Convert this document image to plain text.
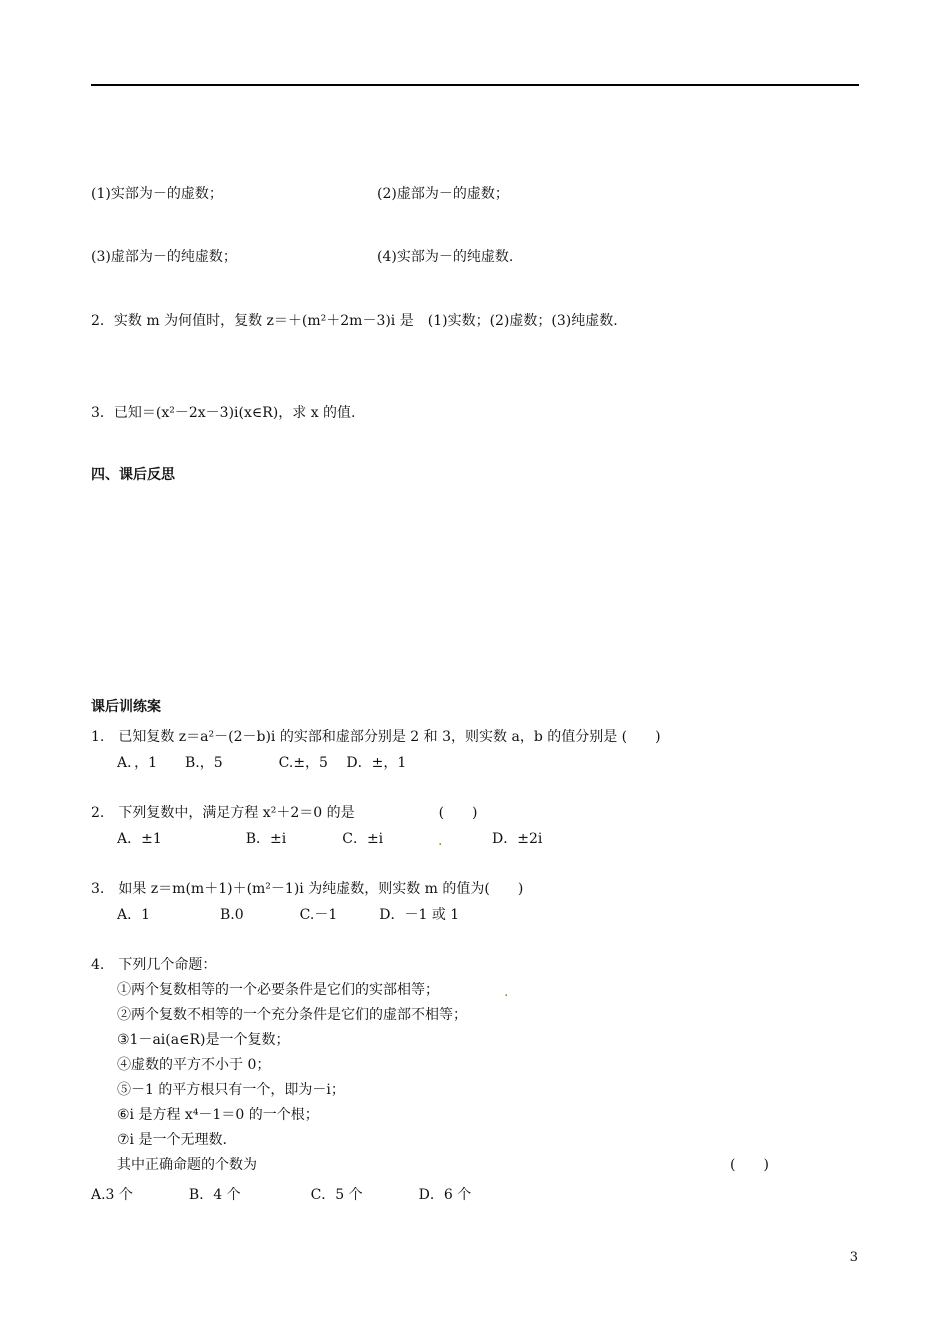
(1)实部为－的虚数；	(2)虚部为－的虚数；
(3)虚部为－的纯虚数；	(4)实部为－的纯虚数.
2．实数 m 为何值时，复数 z＝＋(m²＋2m－3)i 是　(1)实数；(2)虚数；(3)纯虚数.
3．已知＝(x²－2x－3)i(x∈R)，求 x 的值.
四、课后反思
课后训练案
1.　已知复数 z＝a²－(2－b)i 的实部和虚部分别是 2 和 3，则实数 a，b 的值分别是 (　　)
A．，1　　B.，5　　　　C.±，5　 D．±，1
2.　下列复数中，满足方程 x²＋2＝0 的是　　　　　　(　　)
A．±1　　　　　　B．±i　　　　C．±i	.	D．±2i
3.　如果 z＝m(m＋1)＋(m²－1)i 为纯虚数，则实数 m 的值为(　　)
A．1　　　　　B.0　　　　C.－1　　　D．－1 或 1
4.　下列几个命题：
①两个复数相等的一个必要条件是它们的实部相等；	.
②两个复数不相等的一个充分条件是它们的虚部不相等；
③1－ai(a∈R)是一个复数；
④虚数的平方不小于 0；
⑤－1 的平方根只有一个，即为－i；
⑥i 是方程 x⁴－1＝0 的一个根；
⑦i 是一个无理数.
其中正确命题的个数为	(　　)
A.3 个　　　　B．4 个　　　　　C．5 个　　　　D．6 个
3
